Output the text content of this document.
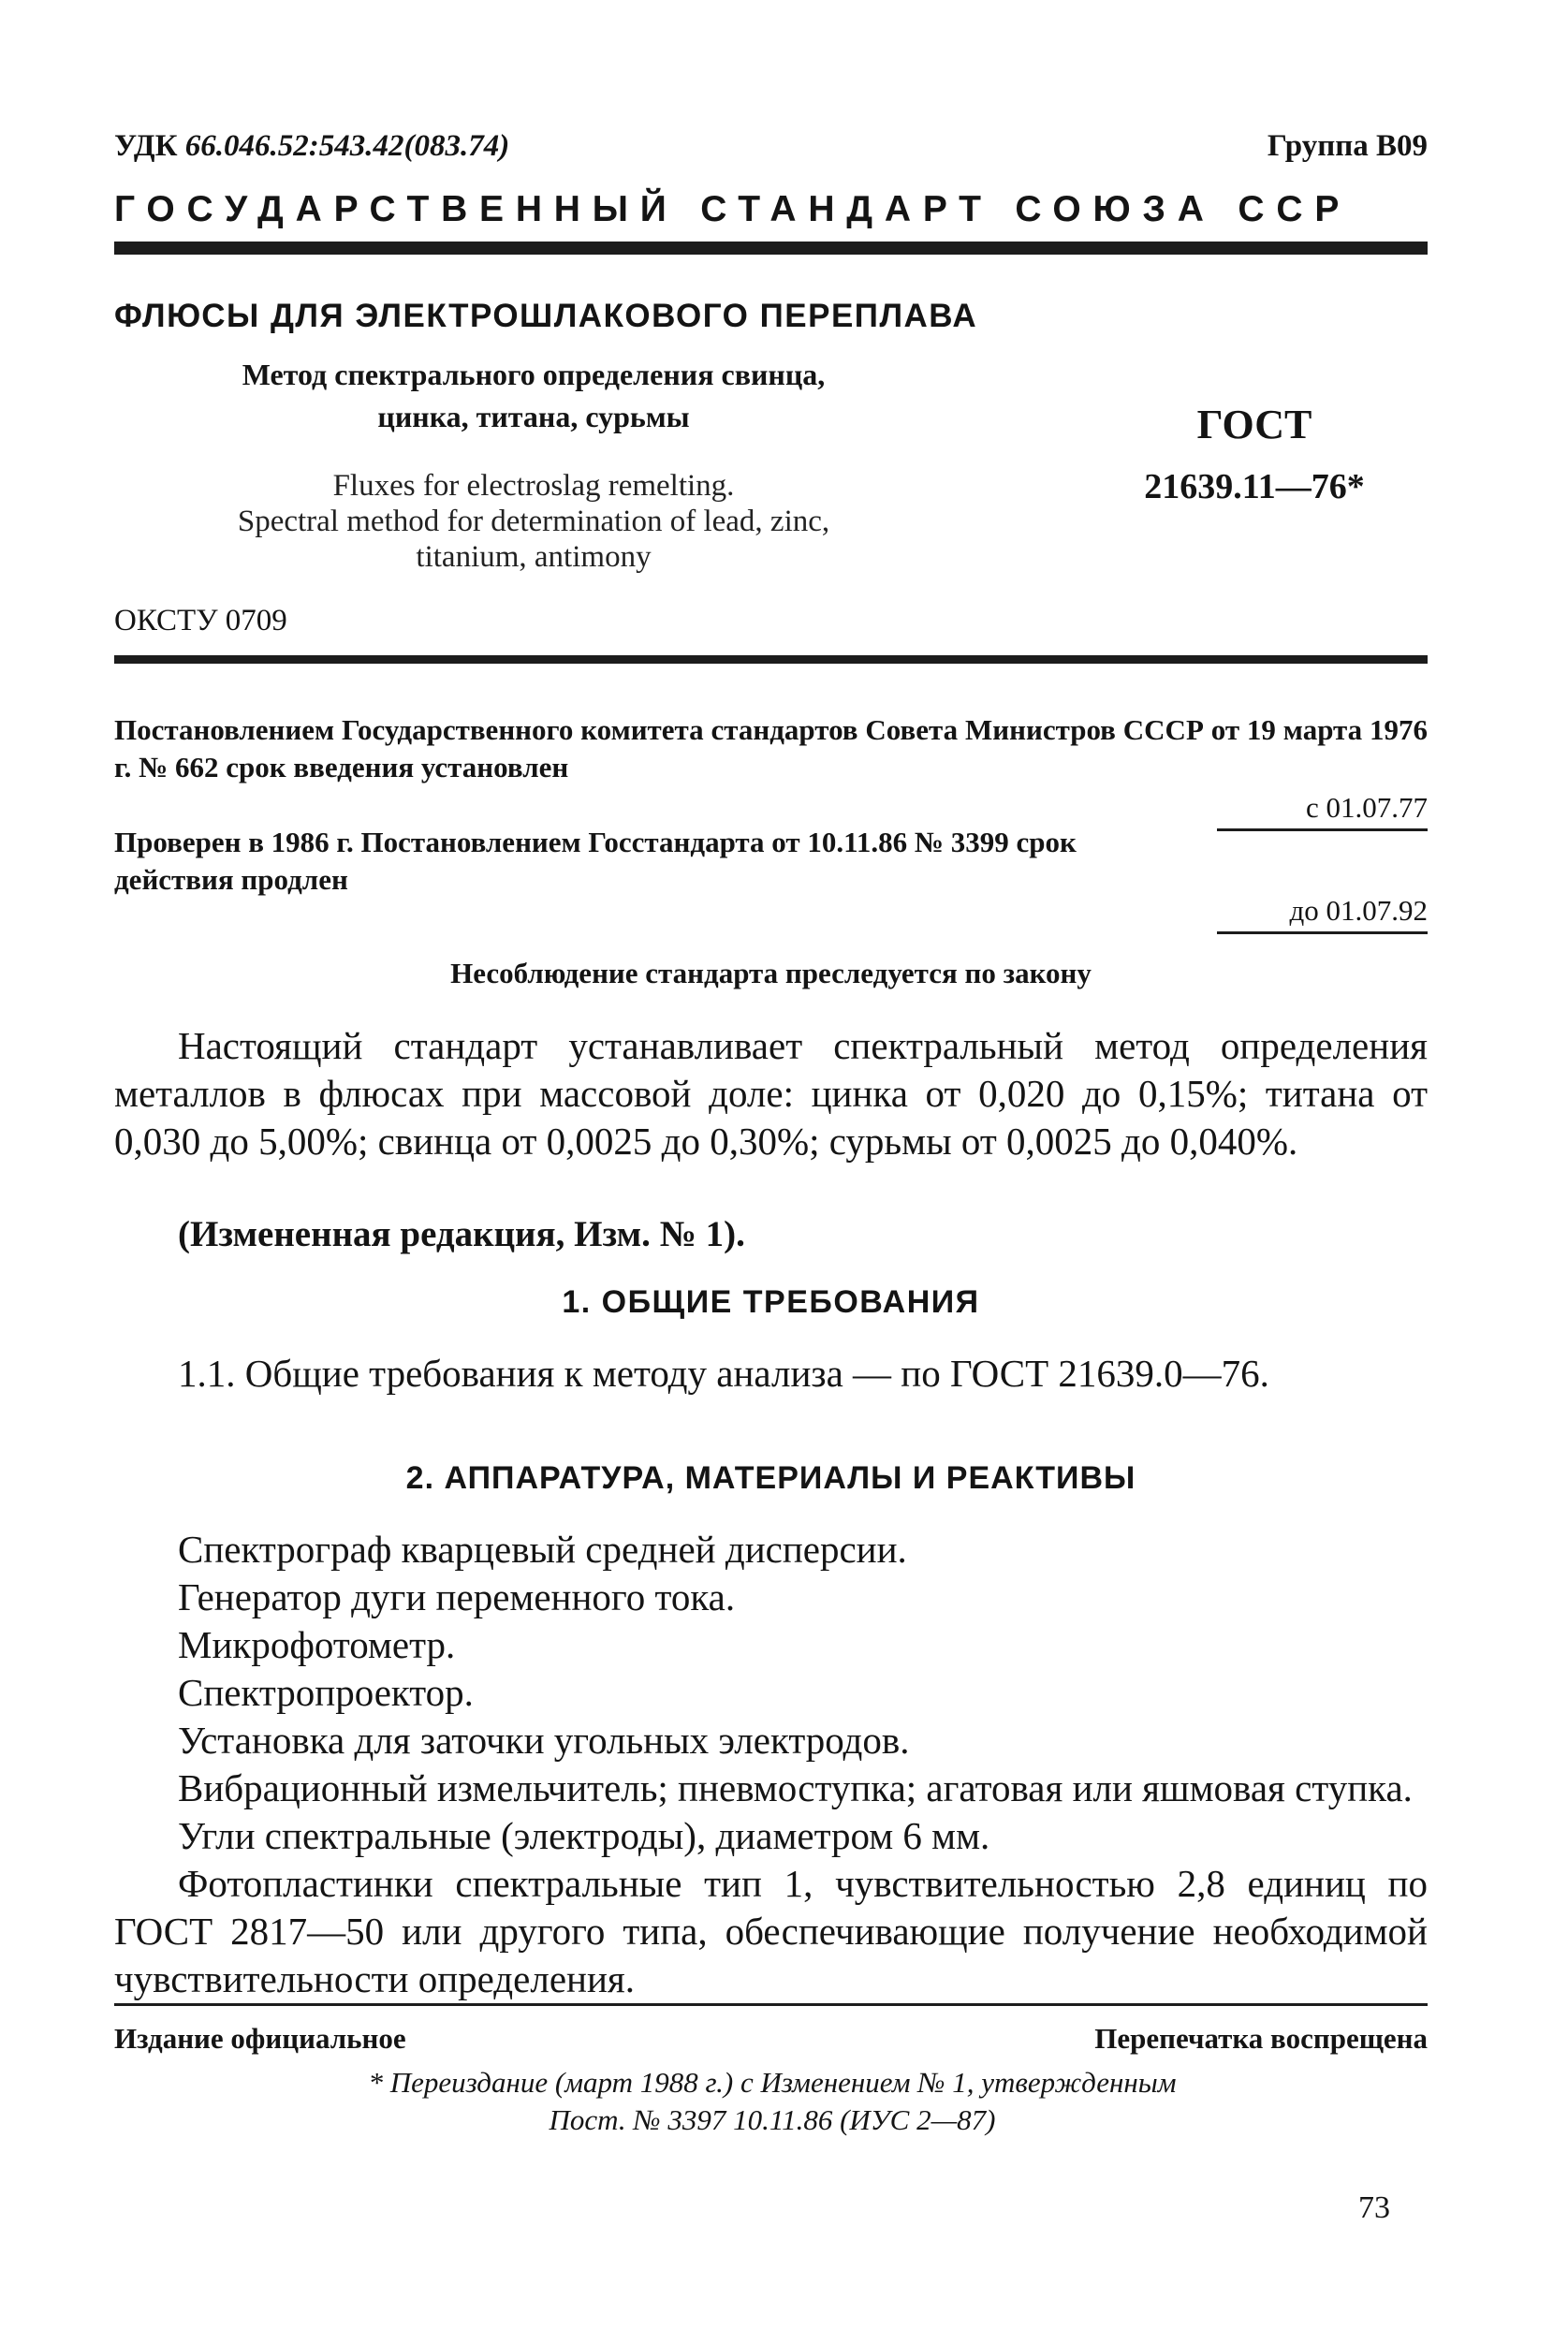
УДК 66.046.52:543.42(083.74)	Группа В09
ГОСУДАРСТВЕННЫЙ СТАНДАРТ СОЮЗА ССР
ФЛЮСЫ ДЛЯ ЭЛЕКТРОШЛАКОВОГО ПЕРЕПЛАВА
Метод спектрального определения свинца,
цинка, титана, сурьмы	ГОСТ
21639.11—76*
Fluxes for electroslag remelting.
Spectral method for determination of lead, zinc,
titanium, antimony
ОКСТУ 0709
Постановлением Государственного комитета стандартов Совета Министров СССР от 19 марта 1976 г. № 662 срок введения установлен
с 01.07.77
Проверен в 1986 г. Постановлением Госстандарта от 10.11.86 № 3399 срок действия продлен
до 01.07.92
Несоблюдение стандарта преследуется по закону
Настоящий стандарт устанавливает спектральный метод определения металлов в флюсах при массовой доле: цинка от 0,020 до 0,15%; титана от 0,030 до 5,00%; свинца от 0,0025 до 0,30%; сурьмы от 0,0025 до 0,040%.
(Измененная редакция, Изм. № 1).
1. ОБЩИЕ ТРЕБОВАНИЯ
1.1. Общие требования к методу анализа — по ГОСТ 21639.0—76.
2. АППАРАТУРА, МАТЕРИАЛЫ И РЕАКТИВЫ
Спектрограф кварцевый средней дисперсии.
Генератор дуги переменного тока.
Микрофотометр.
Спектропроектор.
Установка для заточки угольных электродов.
Вибрационный измельчитель; пневмоступка; агатовая или яшмовая ступка.
Угли спектральные (электроды), диаметром 6 мм.
Фотопластинки спектральные тип 1, чувствительностью 2,8 единиц по ГОСТ 2817—50 или другого типа, обеспечивающие получение необходимой чувствительности определения.
Издание официальное	Перепечатка воспрещена
* Переиздание (март 1988 г.) с Изменением № 1, утвержденным
Пост. № 3397 10.11.86 (ИУС 2—87)
73
